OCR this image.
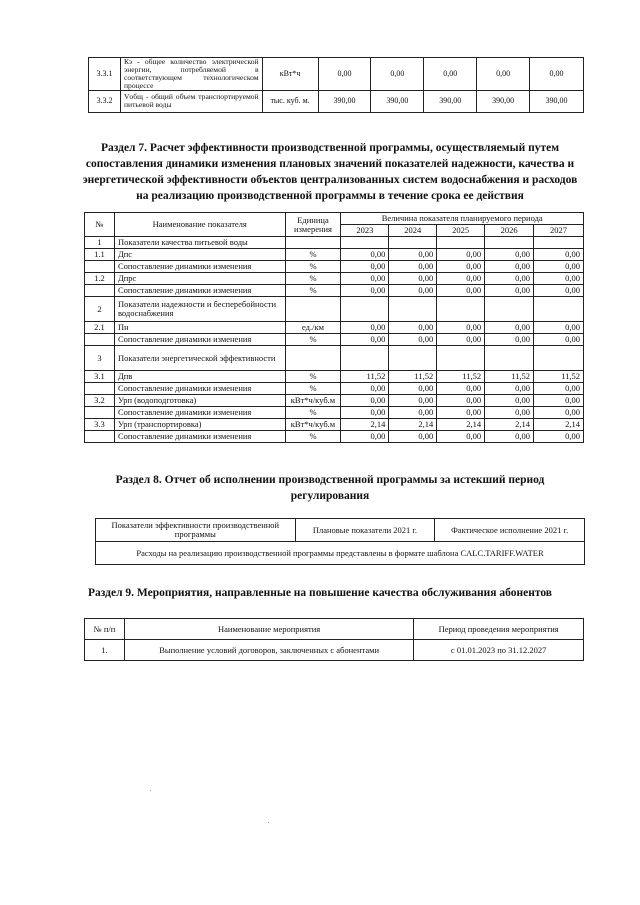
3.3.1	Кэ - общее количество электрической энергии, потребляемой в соответствующем технологическом процессе	кВт*ч	0,00	0,00	0,00	0,00	0,00
3.3.2	Vобщ - общий объем транспортируемой питьевой воды	тыс. куб. м.	390,00	390,00	390,00	390,00	390,00
Раздел 7. Расчет эффективности производственной программы, осуществляемый путем сопоставления динамики изменения плановых значений показателей надежности, качества и энергетической эффективности объектов централизованных систем водоснабжения и расходов на реализацию производственной программы в течение срока ее действия
№	Наименование показателя	Единица измерения	Величина показателя планируемого периода				
			2023	2024	2025	2026	2027
1	Показатели качества питьевой воды						
1.1	Дпс	%	0,00	0,00	0,00	0,00	0,00
	Сопоставление динамики изменения	%	0,00	0,00	0,00	0,00	0,00
1.2	Дпрс	%	0,00	0,00	0,00	0,00	0,00
	Сопоставление динамики изменения	%	0,00	0,00	0,00	0,00	0,00
2	Показатели надежности и бесперебойности водоснабжения						
2.1	Пн	ед./км	0,00	0,00	0,00	0,00	0,00
	Сопоставление динамики изменения	%	0,00	0,00	0,00	0,00	0,00
3	Показатели энергетической эффективности						
3.1	Дпв	%	11,52	11,52	11,52	11,52	11,52
	Сопоставление динамики изменения	%	0,00	0,00	0,00	0,00	0,00
3.2	Урп (водоподготовка)	кВт*ч/куб.м	0,00	0,00	0,00	0,00	0,00
	Сопоставление динамики изменения	%	0,00	0,00	0,00	0,00	0,00
3.3	Урп (транспортировка)	кВт*ч/куб.м	2,14	2,14	2,14	2,14	2,14
	Сопоставление динамики изменения	%	0,00	0,00	0,00	0,00	0,00
Раздел 8. Отчет об исполнении производственной программы за истекший период регулирования
Показатели эффективности производственной программы	Плановые показатели 2021 г.	Фактическое исполнение 2021 г.
Расходы на реализацию производственной программы представлены в формате шаблона CALC.TARIFF.WATER
Раздел 9. Мероприятия, направленные на повышение качества обслуживания абонентов
№ п/п	Наименование мероприятия	Период проведения мероприятия
1.	Выполнение условий договоров, заключенных с абонентами	с 01.01.2023 по 31.12.2027
